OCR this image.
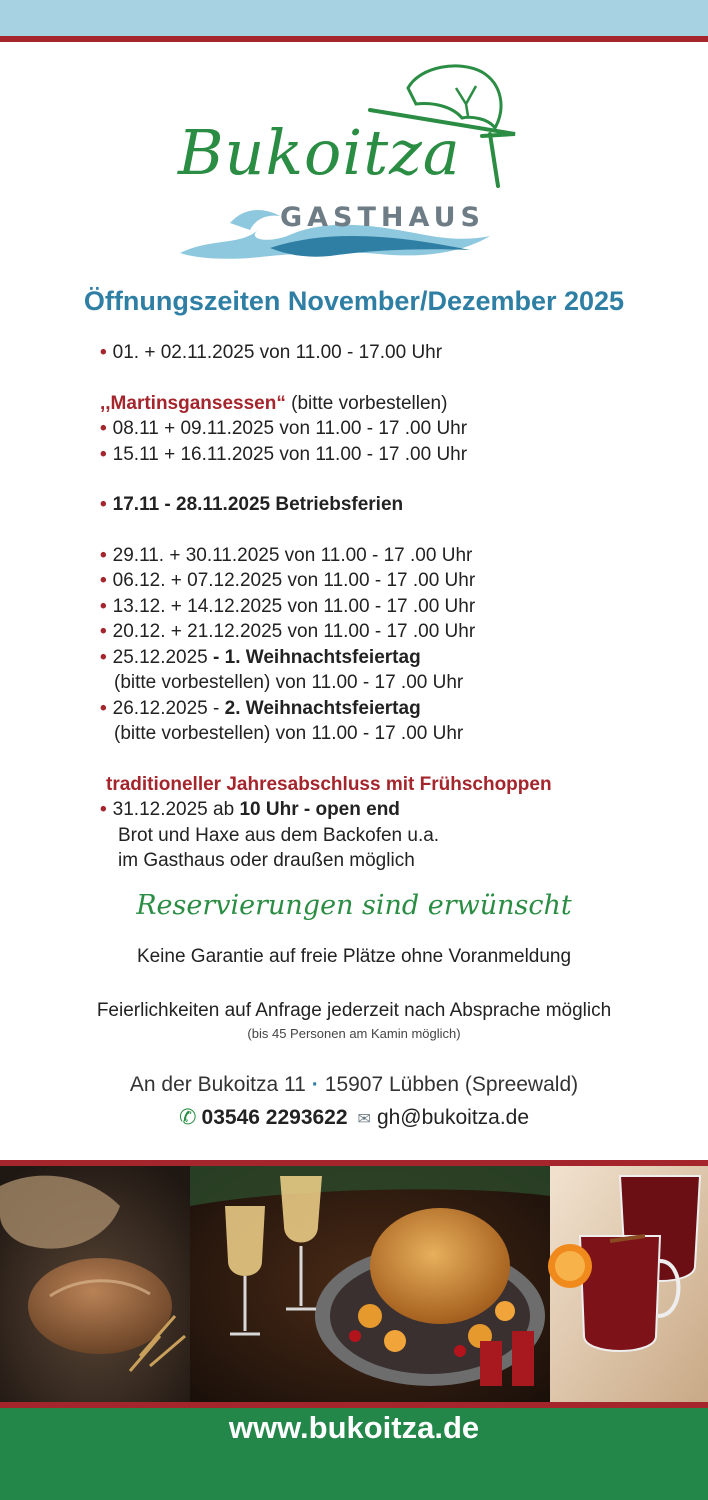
Bukoitza
GASTHAUS
Öffnungszeiten November/Dezember 2025
• 01. + 02.11.2025 von 11.00 - 17.00 Uhr
,,Martinsgansessen“ (bitte vorbestellen)
• 08.11 + 09.11.2025 von 11.00 - 17 .00 Uhr
• 15.11 + 16.11.2025 von 11.00 - 17 .00 Uhr
• 17.11 - 28.11.2025 Betriebsferien
• 29.11. + 30.11.2025 von 11.00 - 17 .00 Uhr
• 06.12. + 07.12.2025 von 11.00 - 17 .00 Uhr
• 13.12. + 14.12.2025 von 11.00 - 17 .00 Uhr
• 20.12. + 21.12.2025 von 11.00 - 17 .00 Uhr
• 25.12.2025 - 1. Weihnachtsfeiertag
(bitte vorbestellen) von 11.00 - 17 .00 Uhr
• 26.12.2025 - 2. Weihnachtsfeiertag
(bitte vorbestellen) von 11.00 - 17 .00 Uhr
traditioneller Jahresabschluss mit Frühschoppen
• 31.12.2025 ab 10 Uhr - open end
Brot und Haxe aus dem Backofen u.a.
im Gasthaus oder draußen möglich
Reservierungen sind erwünscht
Keine Garantie auf freie Plätze ohne Voranmeldung
Feierlichkeiten auf Anfrage jederzeit nach Absprache möglich
(bis 45 Personen am Kamin möglich)
An der Bukoitza 11 · 15907 Lübben (Spreewald)
✆ 03546 2293622 ✉ gh@bukoitza.de
www.bukoitza.de
